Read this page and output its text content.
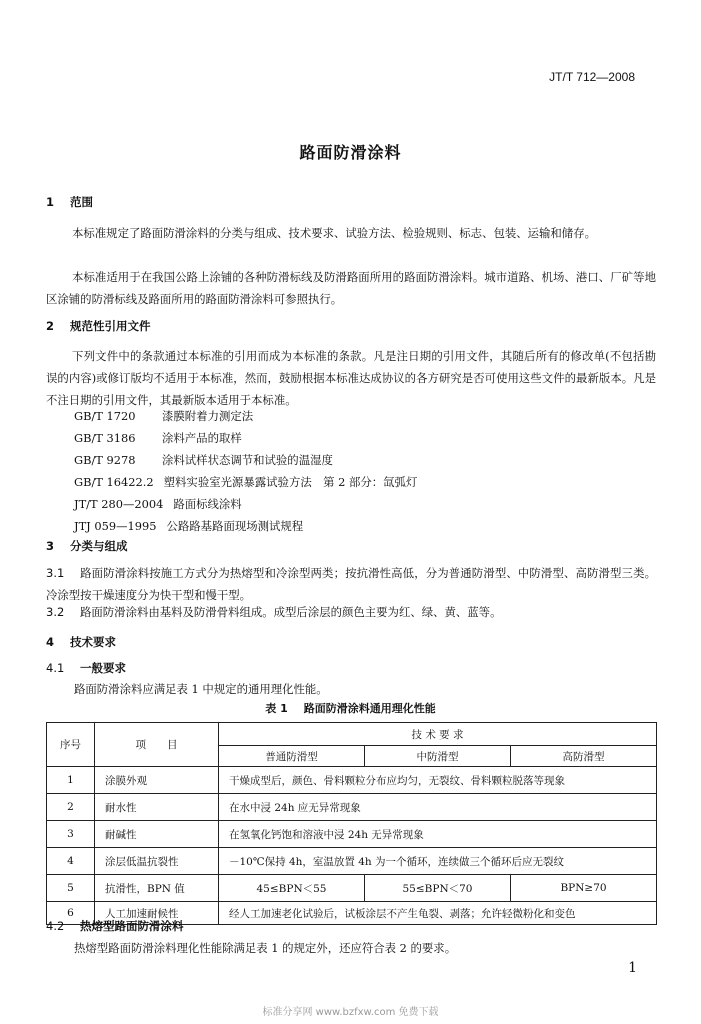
JT/T 712—2008
路面防滑涂料
1 范围
本标准规定了路面防滑涂料的分类与组成、技术要求、试验方法、检验规则、标志、包装、运输和储存。
本标准适用于在我国公路上涂铺的各种防滑标线及防滑路面所用的路面防滑涂料。城市道路、机场、港口、厂矿等地区涂铺的防滑标线及路面所用的路面防滑涂料可参照执行。
2 规范性引用文件
下列文件中的条款通过本标准的引用而成为本标准的条款。凡是注日期的引用文件，其随后所有的修改单(不包括勘误的内容)或修订版均不适用于本标准，然而，鼓励根据本标准达成协议的各方研究是否可使用这些文件的最新版本。凡是不注日期的引用文件，其最新版本适用于本标准。
GB/T 1720 漆膜附着力测定法
GB/T 3186 涂料产品的取样
GB/T 9278 涂料试样状态调节和试验的温湿度
GB/T 16422.2 塑料实验室光源暴露试验方法　第 2 部分：氙弧灯
JT/T 280—2004 路面标线涂料
JTJ 059—1995 公路路基路面现场测试规程
3 分类与组成
3.1 路面防滑涂料按施工方式分为热熔型和冷涂型两类；按抗滑性高低，分为普通防滑型、中防滑型、高防滑型三类。冷涂型按干燥速度分为快干型和慢干型。
3.2 路面防滑涂料由基料及防滑骨料组成。成型后涂层的颜色主要为红、绿、黄、蓝等。
4 技术要求
4.1 一般要求
路面防滑涂料应满足表 1 中规定的通用理化性能。
表 1 路面防滑涂料通用理化性能
序号	项　　目	技 术 要 求		
		普通防滑型	中防滑型	高防滑型
1	涂膜外观	干燥成型后，颜色、骨料颗粒分布应均匀，无裂纹、骨料颗粒脱落等现象		
2	耐水性	在水中浸 24h 应无异常现象		
3	耐碱性	在氢氧化钙饱和溶液中浸 24h 无异常现象		
4	涂层低温抗裂性	－10℃保持 4h，室温放置 4h 为一个循环，连续做三个循环后应无裂纹		
5	抗滑性，BPN 值	45≤BPN＜55	55≤BPN＜70	BPN≥70
6	人工加速耐候性	经人工加速老化试验后，试板涂层不产生龟裂、剥落；允许轻微粉化和变色		
4.2 热熔型路面防滑涂料
热熔型路面防滑涂料理化性能除满足表 1 的规定外，还应符合表 2 的要求。
1
标准分享网 www.bzfxw.com 免费下载
